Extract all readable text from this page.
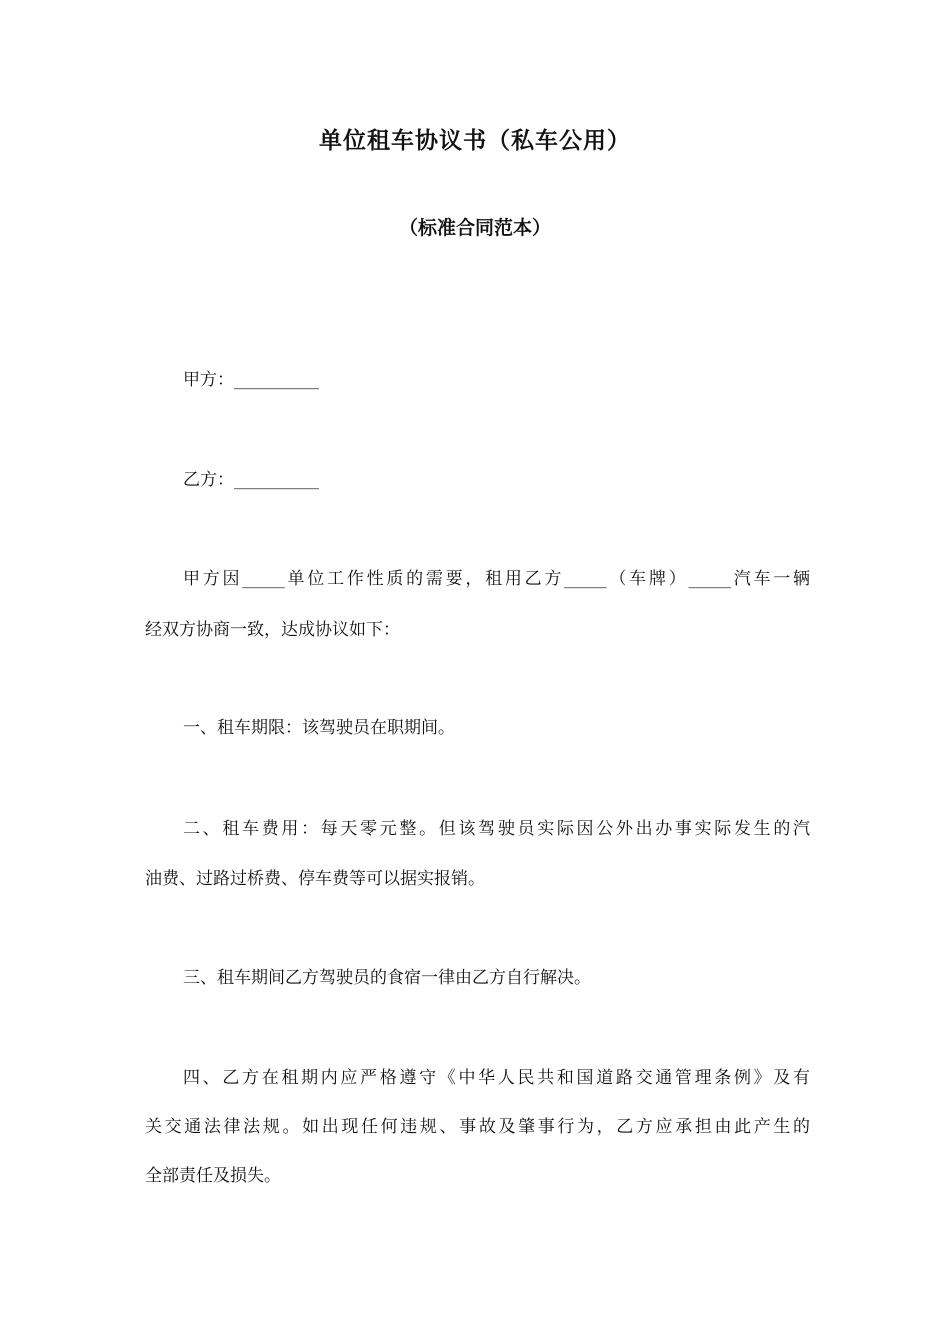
单位租车协议书（私车公用）
（标准合同范本）
甲方：__________
乙方：__________
甲方因_____单位工作性质的需要，租用乙方_____（车牌）_____汽车一辆
经双方协商一致，达成协议如下：
一、租车期限：该驾驶员在职期间。
二、租车费用：每天零元整。但该驾驶员实际因公外出办事实际发生的汽
油费、过路过桥费、停车费等可以据实报销。
三、租车期间乙方驾驶员的食宿一律由乙方自行解决。
四、乙方在租期内应严格遵守《中华人民共和国道路交通管理条例》及有
关交通法律法规。如出现任何违规、事故及肇事行为，乙方应承担由此产生的
全部责任及损失。
